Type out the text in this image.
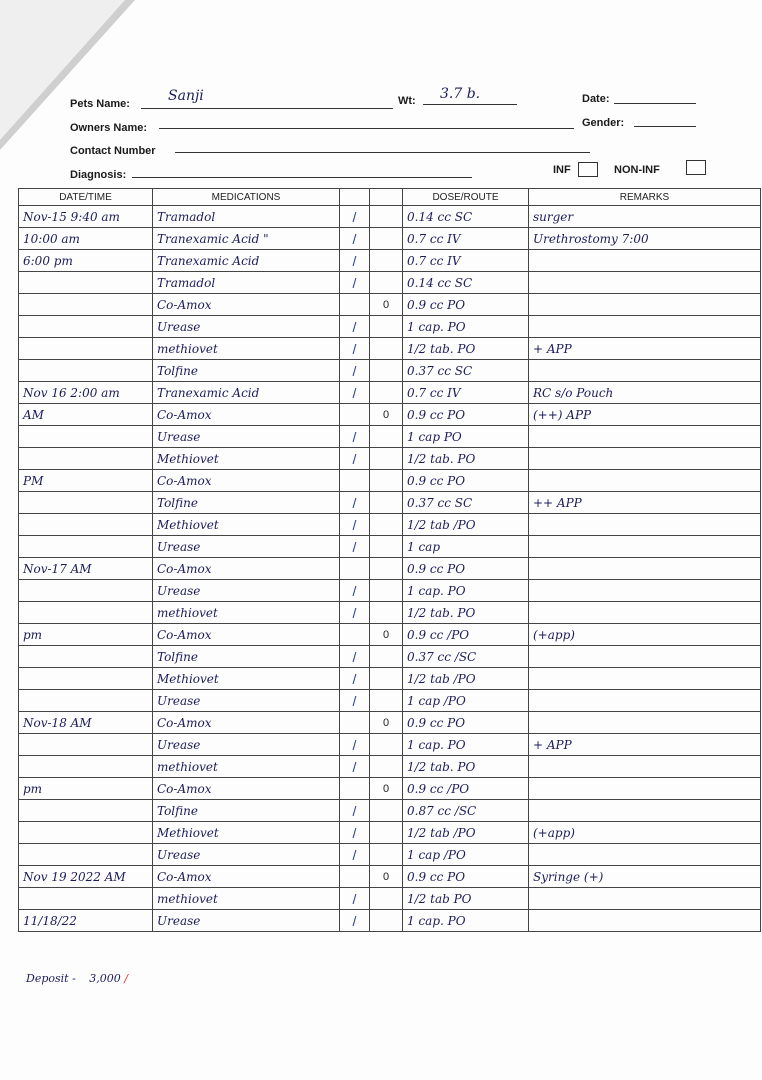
Pets Name:	Sanji	Wt: 3.7 b.	Date:
Owners Name:	Gender:
Contact Number
Diagnosis:	INF	NON-INF
DATE/TIME	MEDICATIONS			DOSE/ROUTE	REMARKS
Nov-15 9:40 am	Tramadol	/		0.14 cc SC	surger
10:00 am	Tranexamic Acid "	/		0.7 cc IV	Urethrostomy 7:00
6:00 pm	Tranexamic Acid	/		0.7 cc IV	
	Tramadol	/		0.14 cc SC	
	Co-Amox		0	0.9 cc PO	
	Urease	/		1 cap. PO	
	methiovet	/		1/2 tab. PO	+ APP
	Tolfine	/		0.37 cc SC	
Nov 16 2:00 am	Tranexamic Acid	/		0.7 cc IV	RC s/o Pouch
AM	Co-Amox		0	0.9 cc PO	(++) APP
	Urease	/		1 cap PO	
	Methiovet	/		1/2 tab. PO	
PM	Co-Amox			0.9 cc PO	
	Tolfine	/		0.37 cc SC	++ APP
	Methiovet	/		1/2 tab /PO	
	Urease	/		1 cap	
Nov-17 AM	Co-Amox			0.9 cc PO	
	Urease	/		1 cap. PO	
	methiovet	/		1/2 tab. PO	
pm	Co-Amox		0	0.9 cc /PO	(+app)
	Tolfine	/		0.37 cc /SC	
	Methiovet	/		1/2 tab /PO	
	Urease	/		1 cap /PO	
Nov-18 AM	Co-Amox		0	0.9 cc PO	
	Urease	/		1 cap. PO	+ APP
	methiovet	/		1/2 tab. PO	
pm	Co-Amox		0	0.9 cc /PO	
	Tolfine	/		0.87 cc /SC	
	Methiovet	/		1/2 tab /PO	(+app)
	Urease	/		1 cap /PO	
Nov 19 2022 AM	Co-Amox		0	0.9 cc PO	Syringe (+)
	methiovet	/		1/2 tab PO	
11/18/22	Urease	/		1 cap. PO	
Deposit - 3,000 /
